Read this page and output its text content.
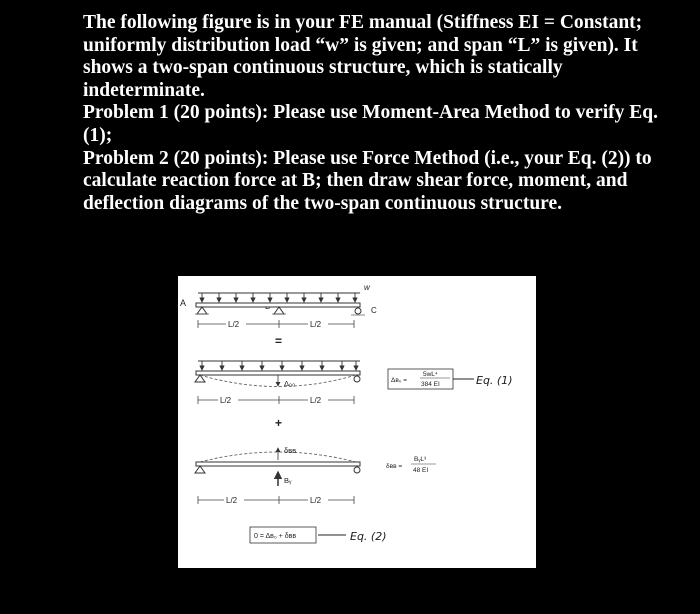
The following figure is in your FE manual (Stiffness EI = Constant; uniformly distribution load “w” is given; and span “L” is given). It shows a two-span continuous structure, which is statically indeterminate.

Problem 1 (20 points): Please use Moment-Area Method to verify Eq. (1);

Problem 2 (20 points): Please use Force Method (i.e., your Eq. (2)) to calculate reaction force at B; then draw shear force, moment, and deflection diagrams of the two-span continuous structure.

A
C
w
L/2	L/2
=
Δ₀₀
L/2	L/2
Δʙ₀ =
5wL⁴
384 EI	Eq. (1)
+
δʙʙ
Bᵧ
L/2	L/2
δʙʙ =
BᵧL³
48 EI
0 = Δʙ₀ + δʙʙ	Eq. (2)
